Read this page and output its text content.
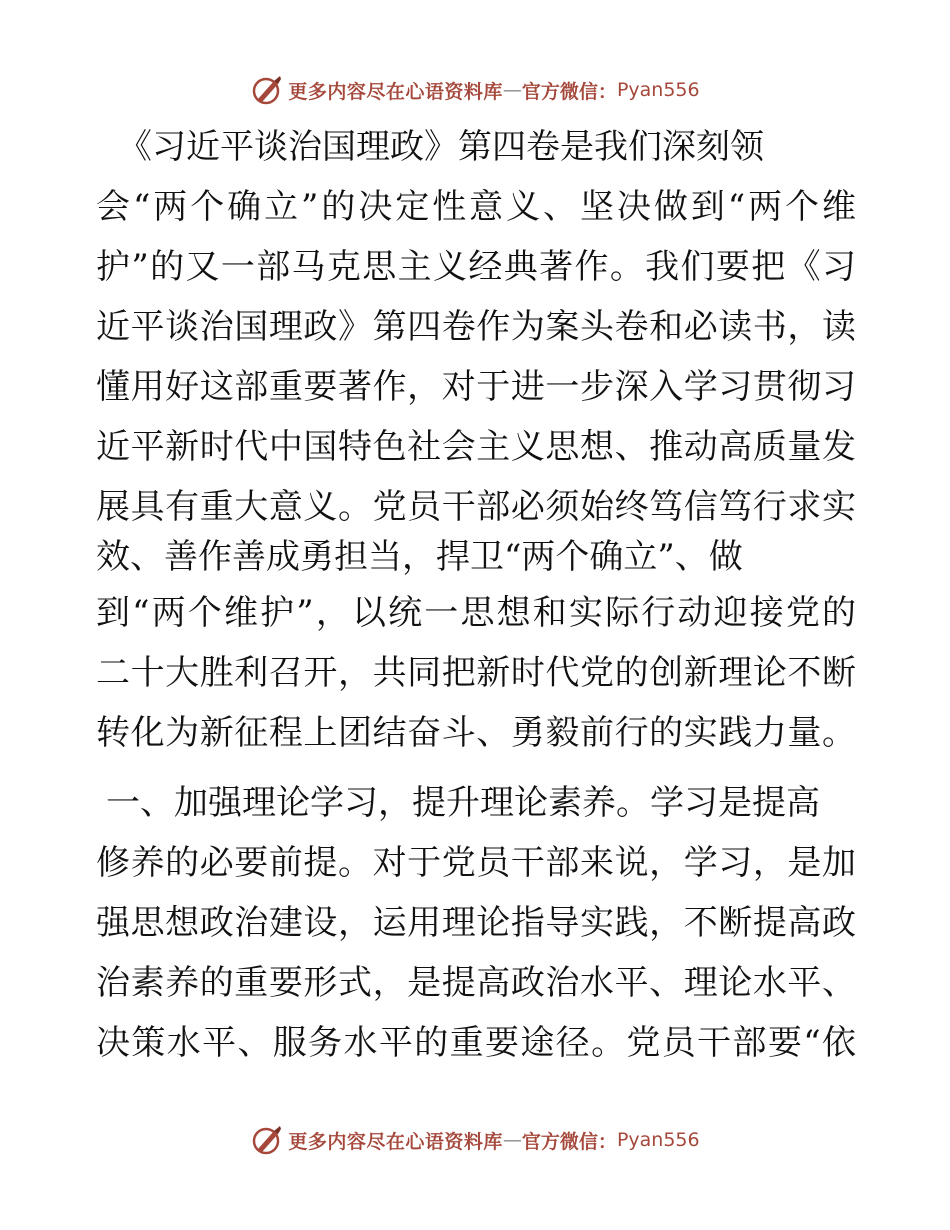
更多内容尽在心语资料库 — 官方微信： Pyan556
《习近平谈治国理政》第四卷是我们深刻领
会“两个确立”的决定性意义、坚决做到“两个维
护”的又一部马克思主义经典著作。我们要把《习
近平谈治国理政》第四卷作为案头卷和必读书，读
懂用好这部重要著作，对于进一步深入学习贯彻习
近平新时代中国特色社会主义思想、推动高质量发
展具有重大意义。党员干部必须始终笃信笃行求实
效、善作善成勇担当，捍卫“两个确立”、做
到“两个维护”，以统一思想和实际行动迎接党的
二十大胜利召开，共同把新时代党的创新理论不断
转化为新征程上团结奋斗、勇毅前行的实践力量。
一、加强理论学习，提升理论素养。学习是提高
修养的必要前提。对于党员干部来说，学习，是加
强思想政治建设，运用理论指导实践，不断提高政
治素养的重要形式，是提高政治水平、理论水平、
决策水平、服务水平的重要途径。党员干部要“依
更多内容尽在心语资料库 — 官方微信： Pyan556
